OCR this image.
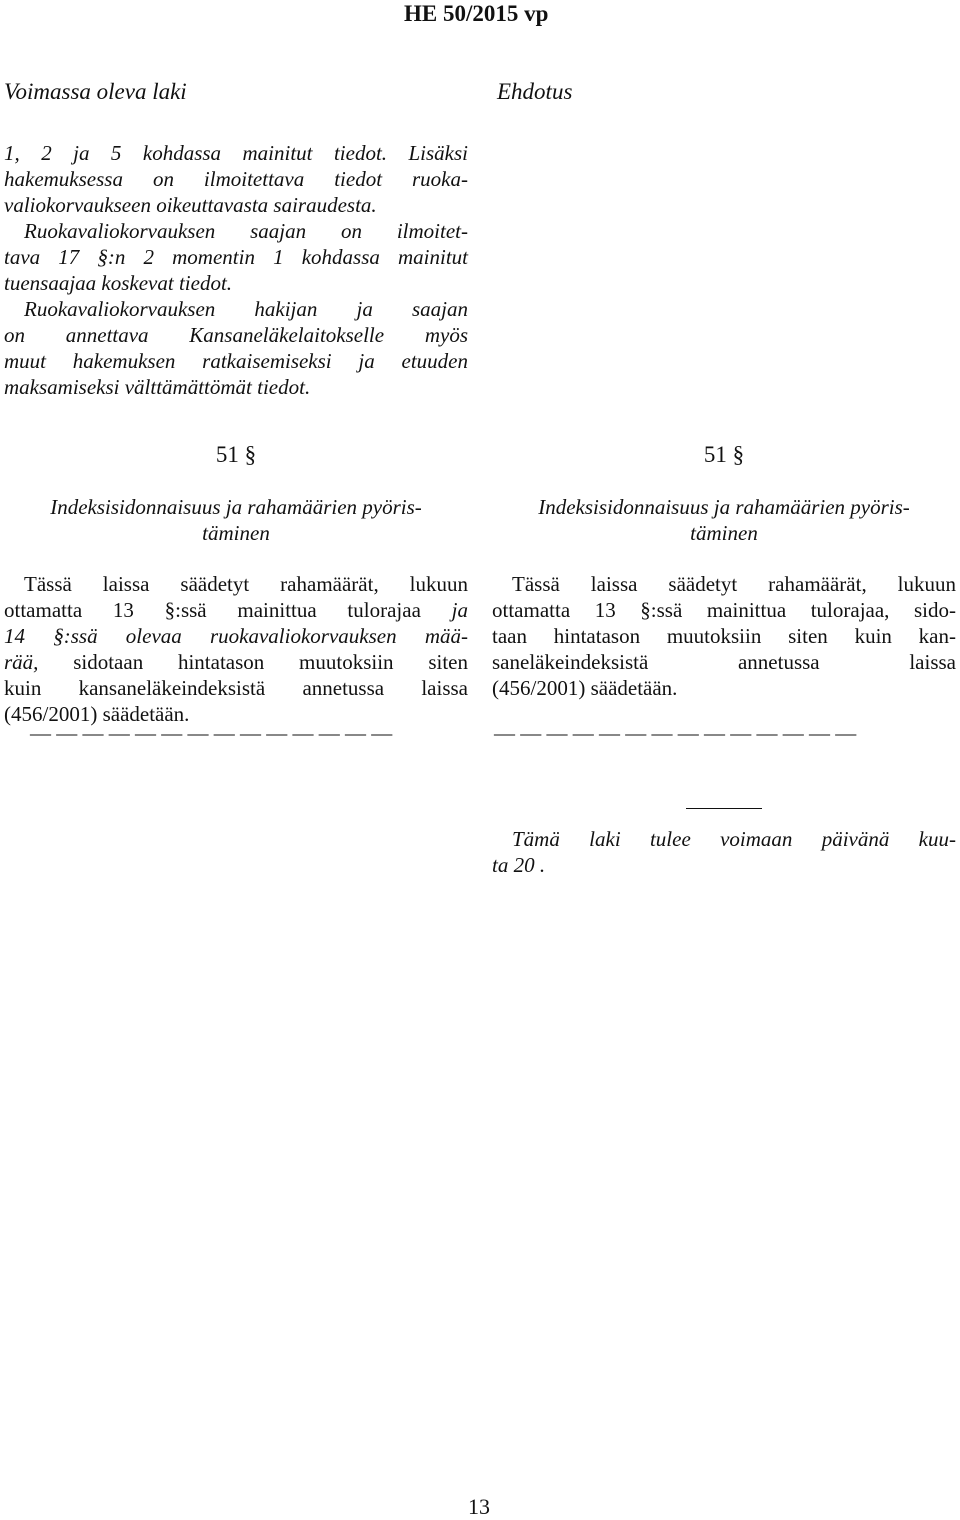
HE 50/2015 vp
Voimassa oleva laki	Ehdotus
1, 2 ja 5 kohdassa mainitut tiedot. Lisäksi
hakemuksessa on ilmoitettava tiedot ruoka-
valiokorvaukseen oikeuttavasta sairaudesta.
Ruokavaliokorvauksen saajan on ilmoitet-
tava 17 §:n 2 momentin 1 kohdassa mainitut
tuensaajaa koskevat tiedot.
Ruokavaliokorvauksen hakijan ja saajan
on annettava Kansaneläkelaitokselle myös
muut hakemuksen ratkaisemiseksi ja etuuden
maksamiseksi välttämättömät tiedot.
51 §
Indeksisidonnaisuus ja rahamäärien pyöris-
täminen
Tässä laissa säädetyt rahamäärät, lukuun
ottamatta 13 §:ssä mainittua tulorajaa ja
14 §:ssä olevaa ruokavaliokorvauksen mää-
rää, sidotaan hintatason muutoksiin siten
kuin kansaneläkeindeksistä annetussa laissa
(456/2001) säädetään.
— — — — — — — — — — — — — —
51 §
Indeksisidonnaisuus ja rahamäärien pyöris-
täminen
Tässä laissa säädetyt rahamäärät, lukuun
ottamatta 13 §:ssä mainittua tulorajaa, sido-
taan hintatason muutoksiin siten kuin kan-
saneläkeindeksistä annetussa laissa
(456/2001) säädetään.
— — — — — — — — — — — — — —
Tämä laki tulee voimaan päivänä kuu-
ta 20 .
13
